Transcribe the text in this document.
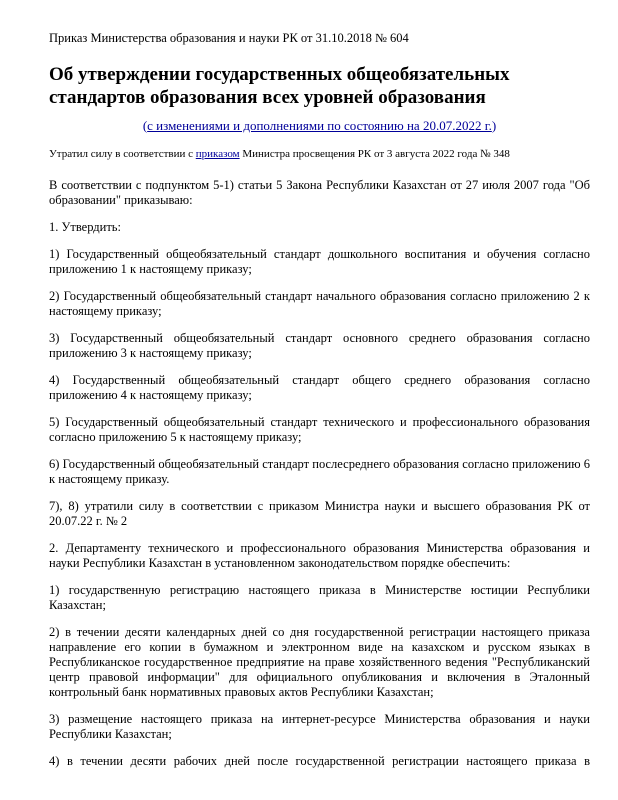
Приказ Министерства образования и науки РК от 31.10.2018 № 604
Об утверждении государственных общеобязательных стандартов образования всех уровней образования
(с изменениями и дополнениями по состоянию на 20.07.2022 г.)
Утратил силу в соответствии с приказом Министра просвещения РК от 3 августа 2022 года № 348

В соответствии с подпунктом 5-1) статьи 5 Закона Республики Казахстан от 27 июля 2007 года "Об образовании" приказываю:

1. Утвердить:

1) Государственный общеобязательный стандарт дошкольного воспитания и обучения согласно приложению 1 к настоящему приказу;

2) Государственный общеобязательный стандарт начального образования согласно приложению 2 к настоящему приказу;

3) Государственный общеобязательный стандарт основного среднего образования согласно приложению 3 к настоящему приказу;

4) Государственный общеобязательный стандарт общего среднего образования согласно приложению 4 к настоящему приказу;

5) Государственный общеобязательный стандарт технического и профессионального образования согласно приложению 5 к настоящему приказу;

6) Государственный общеобязательный стандарт послесреднего образования согласно приложению 6 к настоящему приказу.

7), 8) утратили силу в соответствии с приказом Министра науки и высшего образования РК от 20.07.22 г. № 2

2. Департаменту технического и профессионального образования Министерства образования и науки Республики Казахстан в установленном законодательством порядке обеспечить:

1) государственную регистрацию настоящего приказа в Министерстве юстиции Республики Казахстан;

2) в течении десяти календарных дней со дня государственной регистрации настоящего приказа направление его копии в бумажном и электронном виде на казахском и русском языках в Республиканское государственное предприятие на праве хозяйственного ведения "Республиканский центр правовой информации" для официального опубликования и включения в Эталонный контрольный банк нормативных правовых актов Республики Казахстан;

3) размещение настоящего приказа на интернет-ресурсе Министерства образования и науки Республики Казахстан;

4) в течении десяти рабочих дней после государственной регистрации настоящего приказа в
